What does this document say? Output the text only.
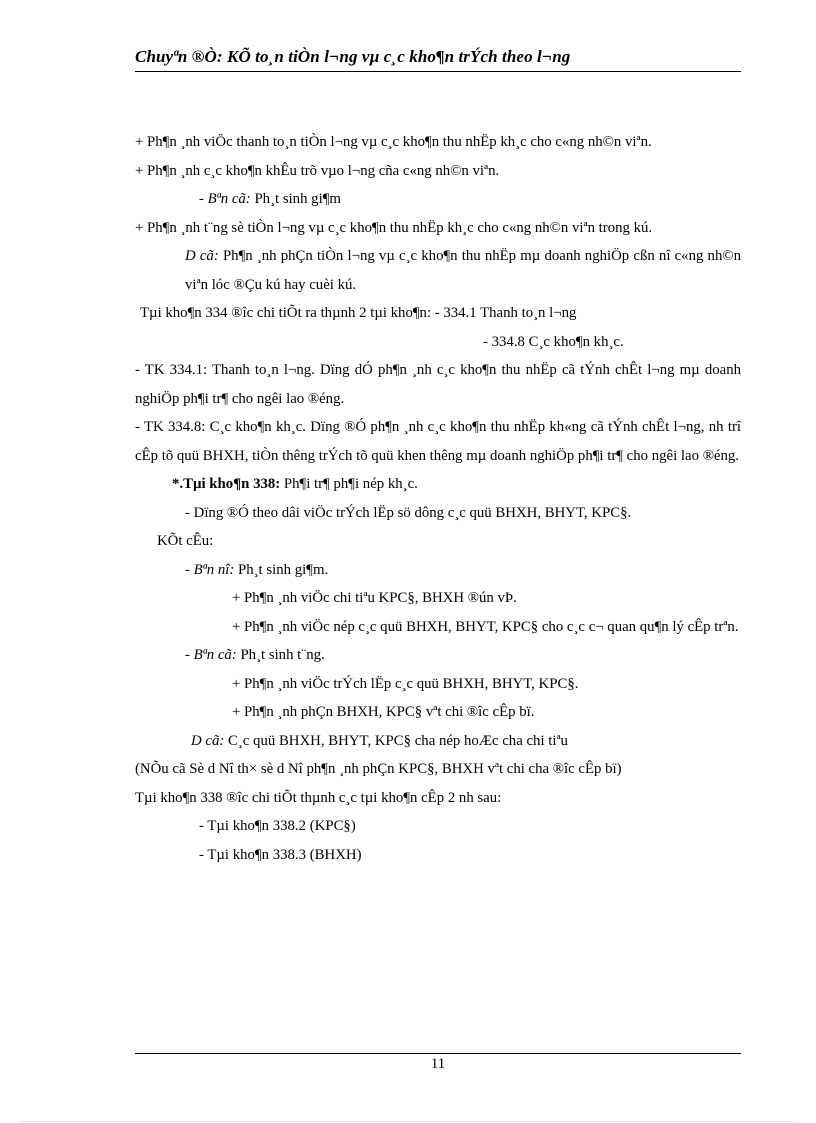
Chuyªn ®Ò: KÕ to¸n tiÒn l¬ng vµ c¸c kho¶n trÝch theo l¬ng

+ Ph¶n ¸nh viÖc thanh to¸n tiÒn l¬ng vµ c¸c kho¶n thu nhËp kh¸c cho c«ng nh©n viªn.

+ Ph¶n ¸nh c¸c kho¶n khÊu trõ vµo l¬ng cña c«ng nh©n viªn.

- Bªn cã: Ph¸t sinh gi¶m

+ Ph¶n ¸nh t¨ng sè tiÒn l¬ng vµ c¸c kho¶n thu nhËp kh¸c cho c«ng nh©n viªn trong kú.

D cã: Ph¶n ¸nh phÇn tiÒn l¬ng vµ c¸c kho¶n thu nhËp mµ doanh nghiÖp cßn nî c«ng nh©n viªn lóc ®Çu kú hay cuèi kú.

Tµi kho¶n 334 ®îc chi tiÕt ra thµnh 2 tµi kho¶n: - 334.1 Thanh to¸n l¬ng

- 334.8 C¸c kho¶n kh¸c.

- TK 334.1: Thanh to¸n l¬ng. Dïng dÓ ph¶n ¸nh c¸c kho¶n thu nhËp cã tÝnh chÊt l¬ng mµ doanh nghiÖp ph¶i tr¶ cho ngêi lao ®éng.

- TK 334.8: C¸c kho¶n kh¸c. Dïng ®Ó ph¶n ¸nh c¸c kho¶n thu nhËp kh«ng cã tÝnh chÊt l¬ng, nh trî cÊp tõ quü BHXH, tiÒn thêng trÝch tõ quü khen thêng mµ doanh nghiÖp ph¶i tr¶ cho ngêi lao ®éng.

*.Tµi kho¶n 338: Ph¶i tr¶ ph¶i nép kh¸c.

- Dïng ®Ó theo dâi viÖc trÝch lËp sö dông c¸c quü BHXH, BHYT, KPC§.

KÕt cÊu:

- Bªn nî: Ph¸t sinh gi¶m.

+ Ph¶n ¸nh viÖc chi tiªu KPC§, BHXH ®ún vÞ.

+ Ph¶n ¸nh viÖc nép c¸c quü BHXH, BHYT, KPC§ cho c¸c c¬ quan qu¶n lý cÊp trªn.

- Bªn cã: Ph¸t sinh t¨ng.

+ Ph¶n ¸nh viÖc trÝch lËp c¸c quü BHXH, BHYT, KPC§.

+ Ph¶n ¸nh phÇn BHXH, KPC§ vªt chi ®îc cÊp bï.

D cã: C¸c quü BHXH, BHYT, KPC§ cha nép hoÆc cha chi tiªu

(NÕu cã Sè d Nî th× sè d Nî ph¶n ¸nh phÇn KPC§, BHXH vªt chi cha ®îc cÊp bï)

Tµi kho¶n 338 ®îc chi tiÕt thµnh c¸c tµi kho¶n cÊp 2 nh sau:

- Tµi kho¶n 338.2 (KPC§)

- Tµi kho¶n 338.3 (BHXH)

11
